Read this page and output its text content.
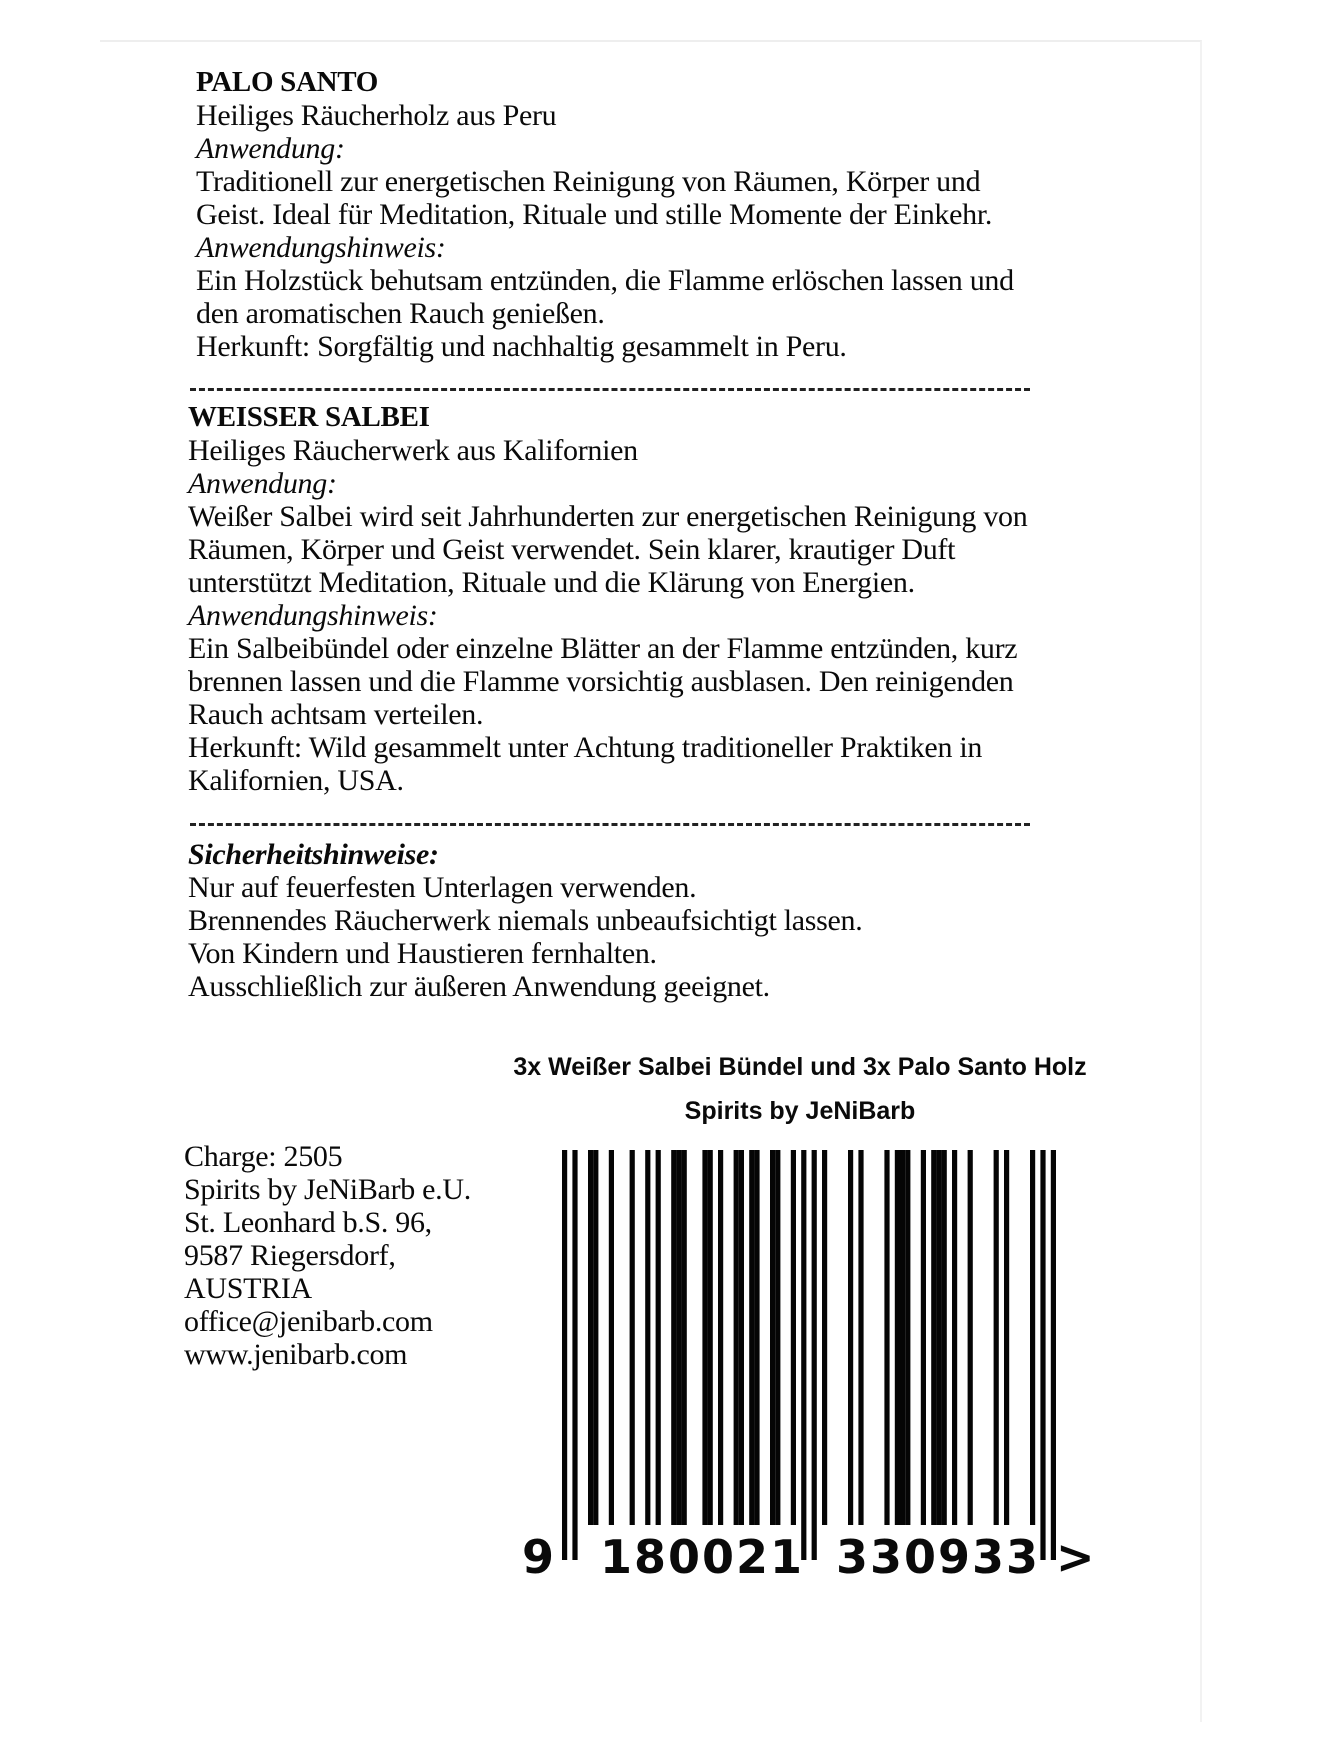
PALO SANTO
Heiliges Räucherholz aus Peru
Anwendung:
Traditionell zur energetischen Reinigung von Räumen, Körper und
Geist. Ideal für Meditation, Rituale und stille Momente der Einkehr.
Anwendungshinweis:
Ein Holzstück behutsam entzünden, die Flamme erlöschen lassen und
den aromatischen Rauch genießen.
Herkunft: Sorgfältig und nachhaltig gesammelt in Peru.
WEISSER SALBEI
Heiliges Räucherwerk aus Kalifornien
Anwendung:
Weißer Salbei wird seit Jahrhunderten zur energetischen Reinigung von
Räumen, Körper und Geist verwendet. Sein klarer, krautiger Duft
unterstützt Meditation, Rituale und die Klärung von Energien.
Anwendungshinweis:
Ein Salbeibündel oder einzelne Blätter an der Flamme entzünden, kurz
brennen lassen und die Flamme vorsichtig ausblasen. Den reinigenden
Rauch achtsam verteilen.
Herkunft: Wild gesammelt unter Achtung traditioneller Praktiken in
Kalifornien, USA.
Sicherheitshinweise:
Nur auf feuerfesten Unterlagen verwenden.
Brennendes Räucherwerk niemals unbeaufsichtigt lassen.
Von Kindern und Haustieren fernhalten.
Ausschließlich zur äußeren Anwendung geeignet.
3x Weißer Salbei Bündel und 3x Palo Santo Holz
Spirits by JeNiBarb
Charge: 2505
Spirits by JeNiBarb e.U.
St. Leonhard b.S. 96,
9587 Riegersdorf,
AUSTRIA
office@jenibarb.com
www.jenibarb.com
9 180021 330933 >
